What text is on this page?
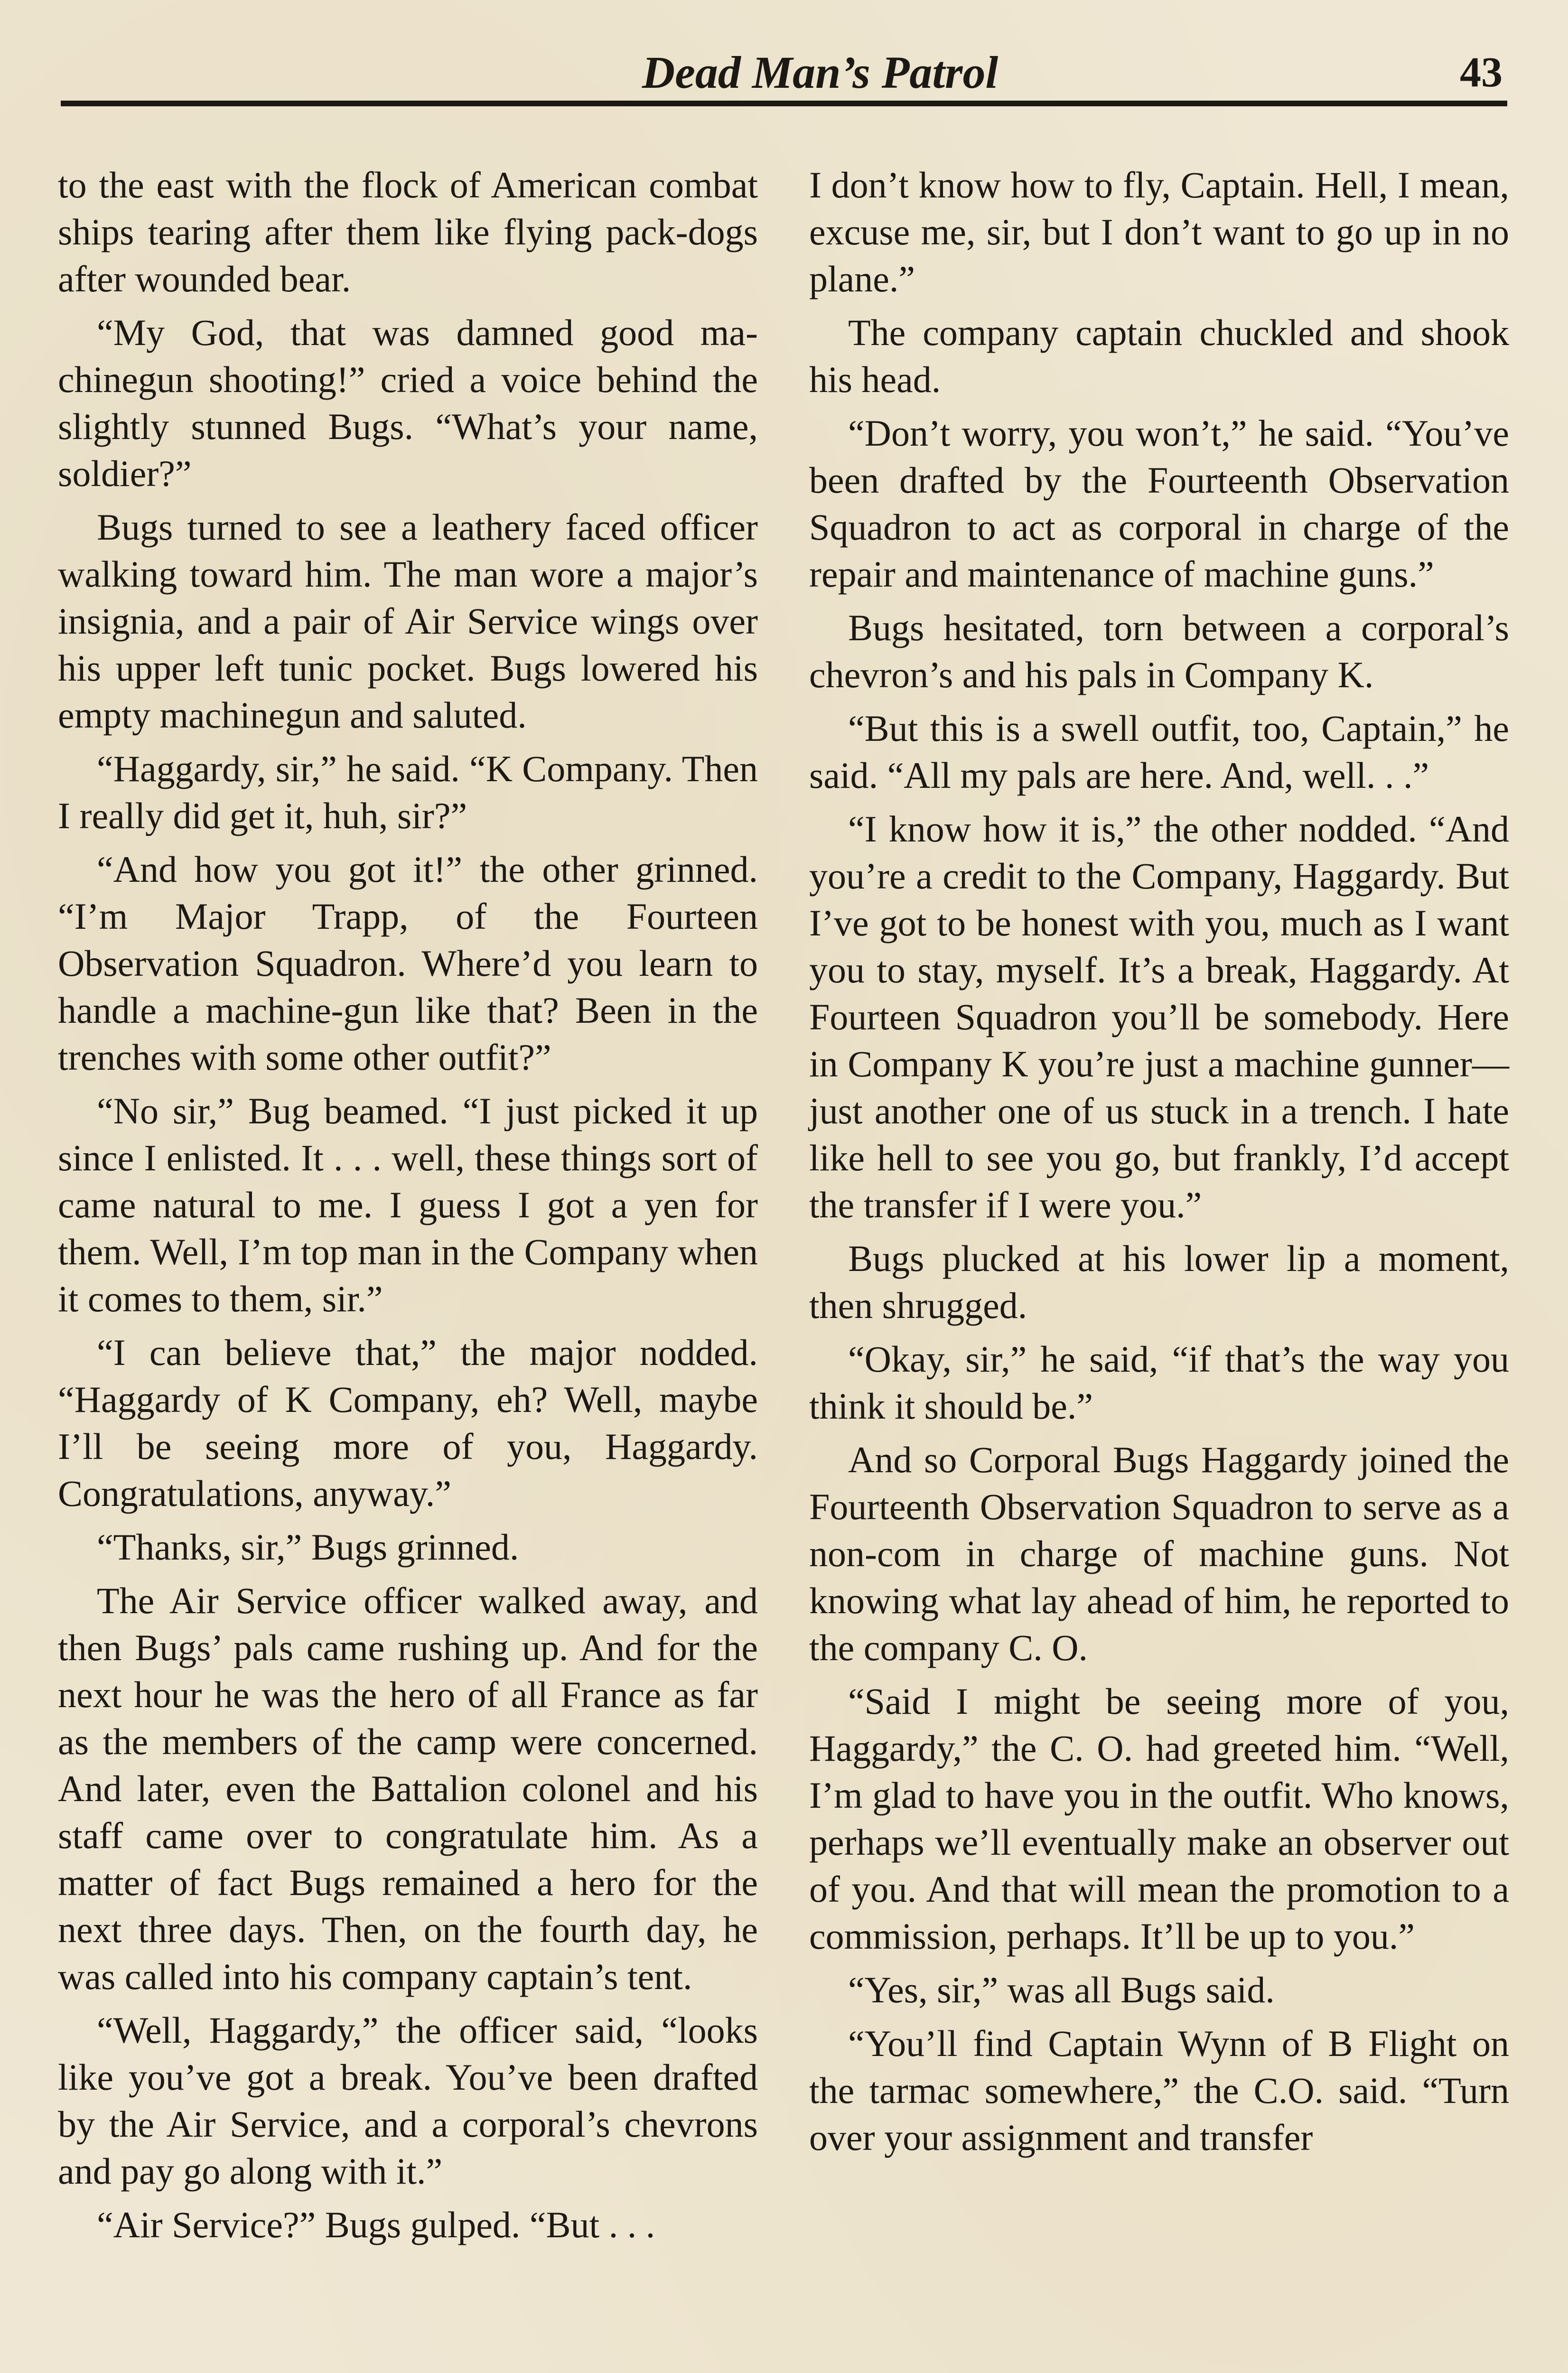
Dead Man’s Patrol	43

to the east with the flock of American combat ships tearing after them like flying pack-dogs after wounded bear.

“My God, that was damned good machinegun shooting!” cried a voice behind the slightly stunned Bugs. “What’s your name, soldier?”

Bugs turned to see a leathery faced officer walking toward him. The man wore a major’s insignia, and a pair of Air Service wings over his upper left tunic pocket. Bugs lowered his empty machinegun and saluted.

“Haggardy, sir,” he said. “K Company. Then I really did get it, huh, sir?”

“And how you got it!” the other grinned. “I’m Major Trapp, of the Fourteen Observation Squadron. Where’d you learn to handle a machine-gun like that? Been in the trenches with some other outfit?”

“No sir,” Bug beamed. “I just picked it up since I enlisted. It . . . well, these things sort of came natural to me. I guess I got a yen for them. Well, I’m top man in the Company when it comes to them, sir.”

“I can believe that,” the major nodded. “Haggardy of K Company, eh? Well, maybe I’ll be seeing more of you, Haggardy. Congratulations, anyway.”

“Thanks, sir,” Bugs grinned.

The Air Service officer walked away, and then Bugs’ pals came rushing up. And for the next hour he was the hero of all France as far as the members of the camp were concerned. And later, even the Battalion colonel and his staff came over to congratulate him. As a matter of fact Bugs remained a hero for the next three days. Then, on the fourth day, he was called into his company captain’s tent.

“Well, Haggardy,” the officer said, “looks like you’ve got a break. You’ve been drafted by the Air Service, and a corporal’s chevrons and pay go along with it.”

“Air Service?” Bugs gulped. “But . . .

I don’t know how to fly, Captain. Hell, I mean, excuse me, sir, but I don’t want to go up in no plane.”

The company captain chuckled and shook his head.

“Don’t worry, you won’t,” he said. “You’ve been drafted by the Fourteenth Observation Squadron to act as corporal in charge of the repair and maintenance of machine guns.”

Bugs hesitated, torn between a corporal’s chevron’s and his pals in Company K.

“But this is a swell outfit, too, Captain,” he said. “All my pals are here. And, well. . .”

“I know how it is,” the other nodded. “And you’re a credit to the Company, Haggardy. But I’ve got to be honest with you, much as I want you to stay, myself. It’s a break, Haggardy. At Fourteen Squadron you’ll be somebody. Here in Company K you’re just a machine gunner—just another one of us stuck in a trench. I hate like hell to see you go, but frankly, I’d accept the transfer if I were you.”

Bugs plucked at his lower lip a moment, then shrugged.

“Okay, sir,” he said, “if that’s the way you think it should be.”

And so Corporal Bugs Haggardy joined the Fourteenth Observation Squadron to serve as a non-com in charge of machine guns. Not knowing what lay ahead of him, he reported to the company C. O.

“Said I might be seeing more of you, Haggardy,” the C. O. had greeted him. “Well, I’m glad to have you in the outfit. Who knows, perhaps we’ll eventually make an observer out of you. And that will mean the promotion to a commission, perhaps. It’ll be up to you.”

“Yes, sir,” was all Bugs said.

“You’ll find Captain Wynn of B Flight on the tarmac somewhere,” the C.O. said. “Turn over your assignment and transfer
